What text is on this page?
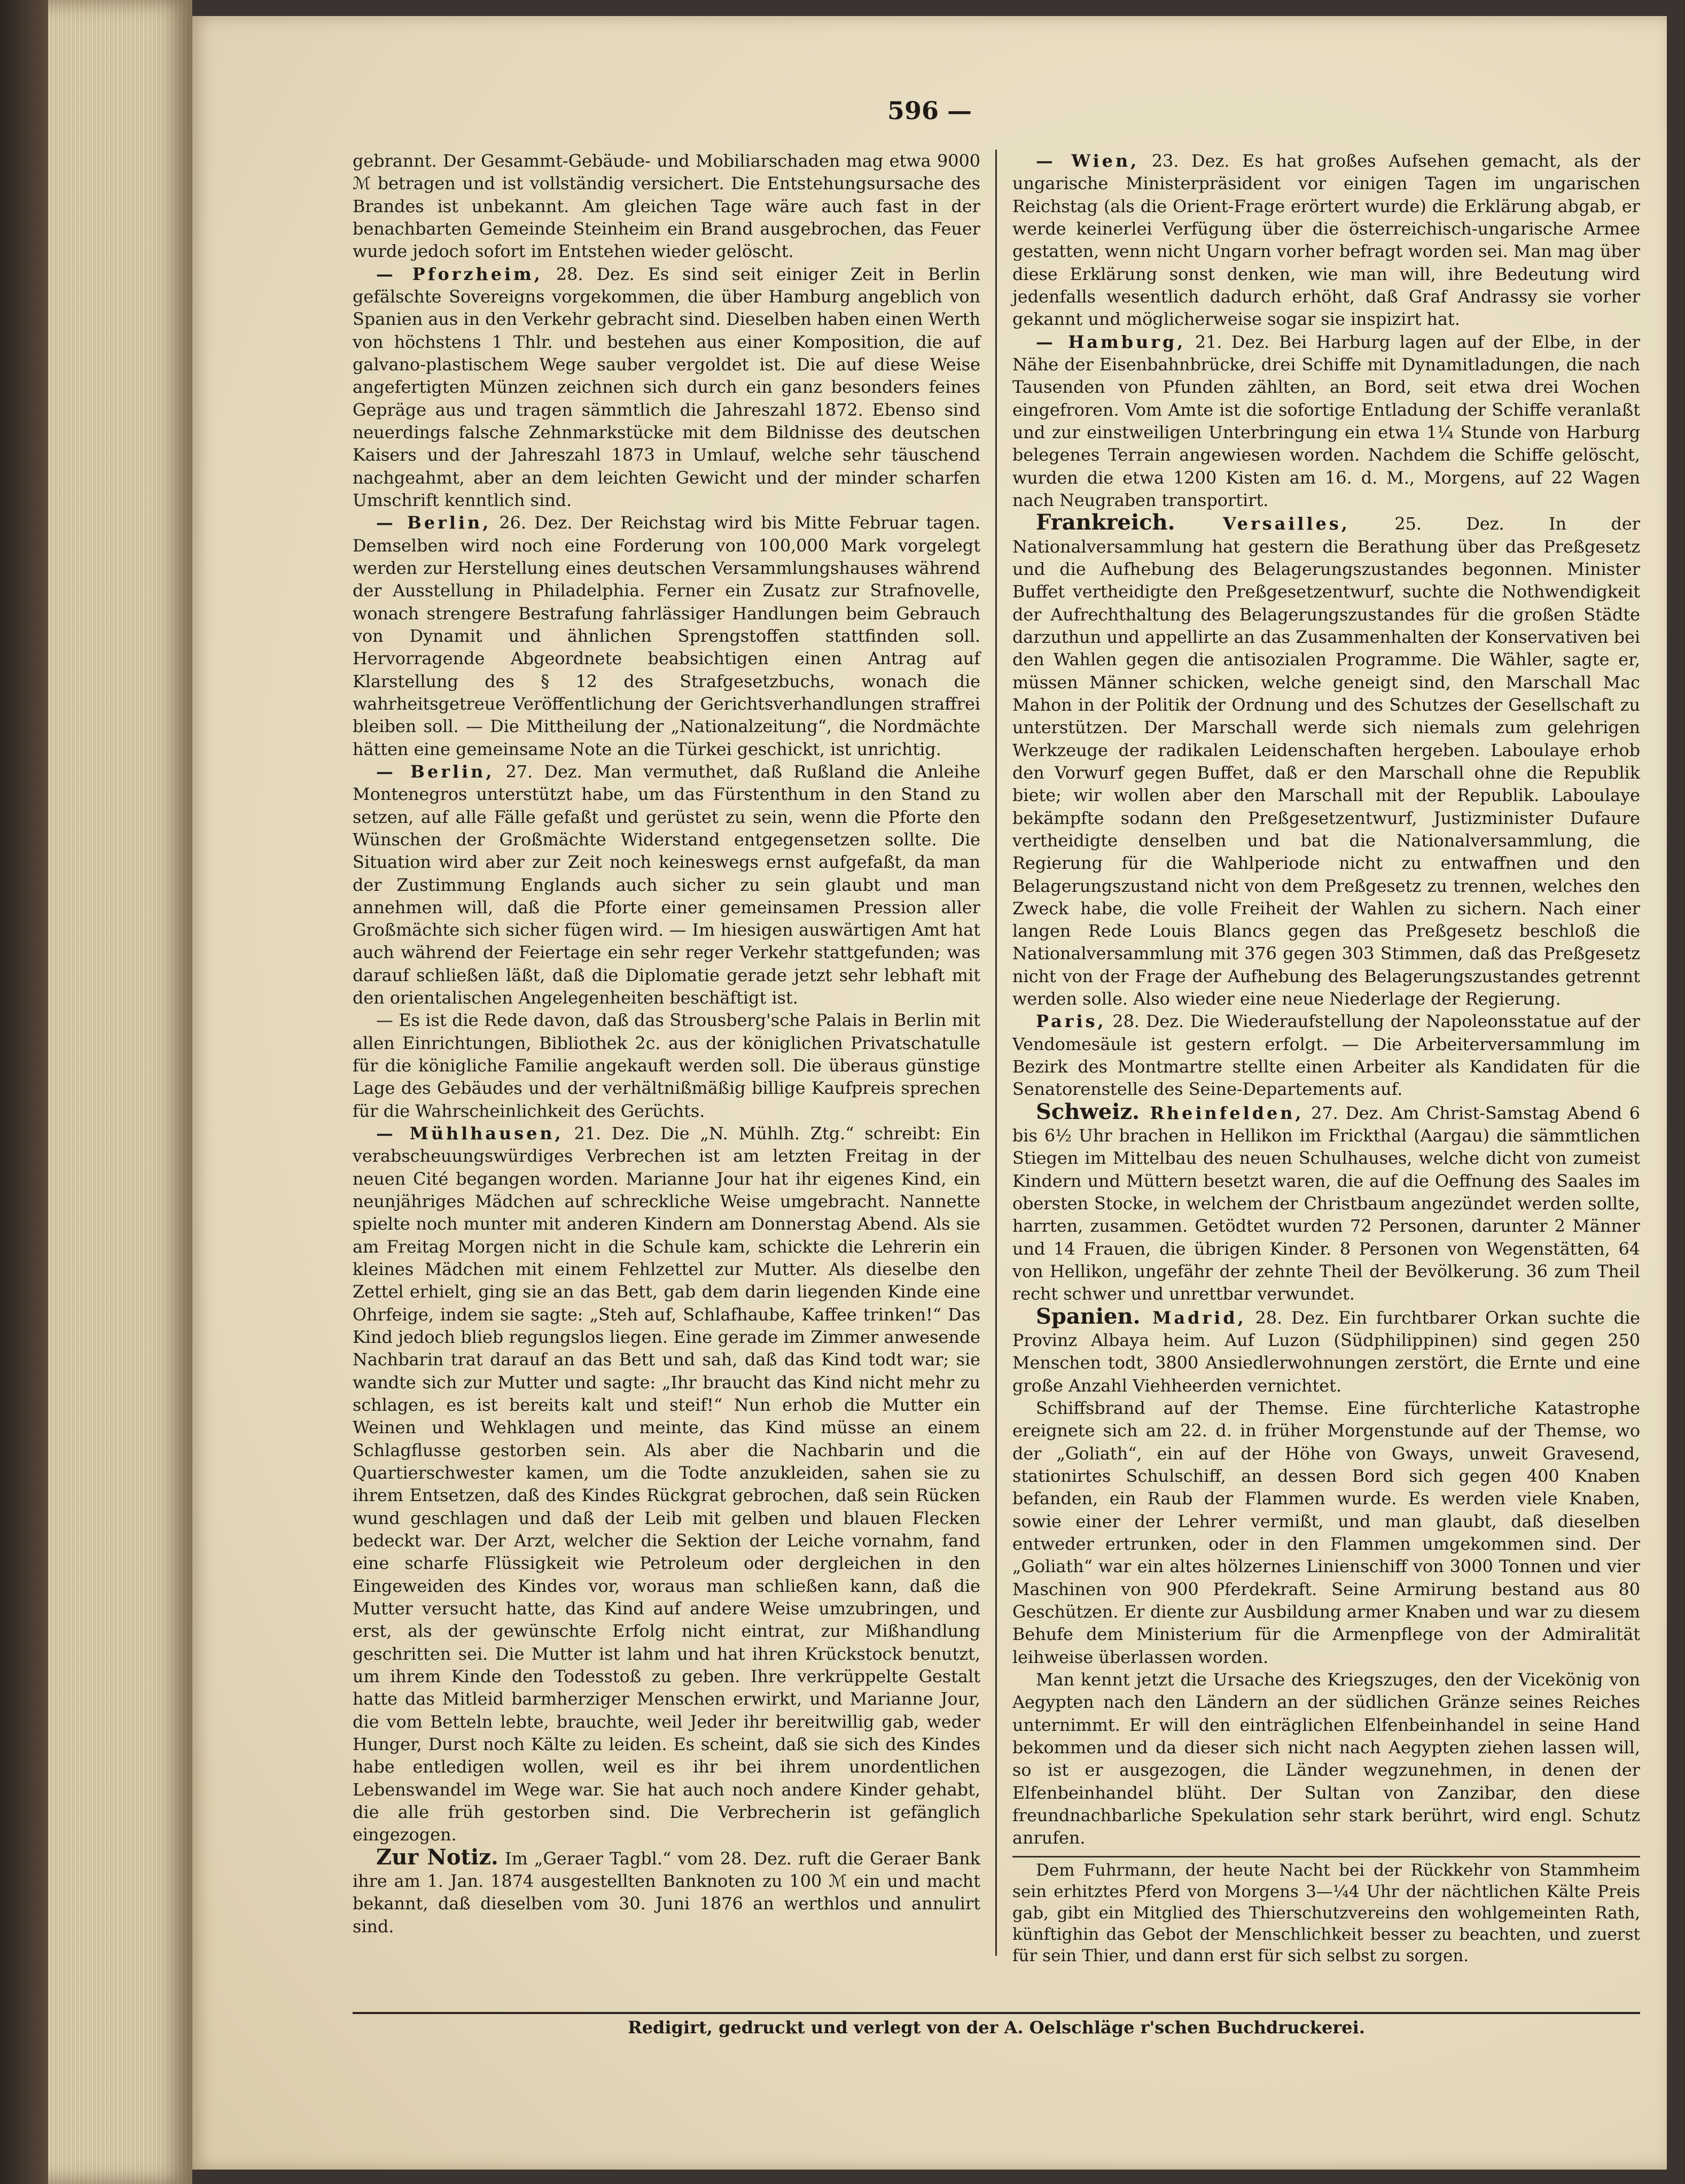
596 —

gebrannt. Der Gesammt-Gebäude- und Mobiliarschaden mag etwa 9000 ℳ betragen und ist vollständig versichert. Die Entstehungsursache des Brandes ist unbekannt. Am gleichen Tage wäre auch fast in der benachbarten Gemeinde Steinheim ein Brand ausgebrochen, das Feuer wurde jedoch sofort im Entstehen wieder gelöscht.

— Pforzheim, 28. Dez. Es sind seit einiger Zeit in Berlin gefälschte Sovereigns vorgekommen, die über Hamburg angeblich von Spanien aus in den Verkehr gebracht sind. Dieselben haben einen Werth von höchstens 1 Thlr. und bestehen aus einer Komposition, die auf galvano-plastischem Wege sauber vergoldet ist. Die auf diese Weise angefertigten Münzen zeichnen sich durch ein ganz besonders feines Gepräge aus und tragen sämmtlich die Jahreszahl 1872. Ebenso sind neuerdings falsche Zehnmarkstücke mit dem Bildnisse des deutschen Kaisers und der Jahreszahl 1873 in Umlauf, welche sehr täuschend nachgeahmt, aber an dem leichten Gewicht und der minder scharfen Umschrift kenntlich sind.

— Berlin, 26. Dez. Der Reichstag wird bis Mitte Februar tagen. Demselben wird noch eine Forderung von 100,000 Mark vorgelegt werden zur Herstellung eines deutschen Versammlungshauses während der Ausstellung in Philadelphia. Ferner ein Zusatz zur Strafnovelle, wonach strengere Bestrafung fahrlässiger Handlungen beim Gebrauch von Dynamit und ähnlichen Sprengstoffen stattfinden soll. Hervorragende Abgeordnete beabsichtigen einen Antrag auf Klarstellung des § 12 des Strafgesetzbuchs, wonach die wahrheitsgetreue Veröffentlichung der Gerichtsverhandlungen straffrei bleiben soll. — Die Mittheilung der „Nationalzeitung“, die Nordmächte hätten eine gemeinsame Note an die Türkei geschickt, ist unrichtig.

— Berlin, 27. Dez. Man vermuthet, daß Rußland die Anleihe Montenegros unterstützt habe, um das Fürstenthum in den Stand zu setzen, auf alle Fälle gefaßt und gerüstet zu sein, wenn die Pforte den Wünschen der Großmächte Widerstand entgegensetzen sollte. Die Situation wird aber zur Zeit noch keineswegs ernst aufgefaßt, da man der Zustimmung Englands auch sicher zu sein glaubt und man annehmen will, daß die Pforte einer gemeinsamen Pression aller Großmächte sich sicher fügen wird. — Im hiesigen auswärtigen Amt hat auch während der Feiertage ein sehr reger Verkehr stattgefunden; was darauf schließen läßt, daß die Diplomatie gerade jetzt sehr lebhaft mit den orientalischen Angelegenheiten beschäftigt ist.

— Es ist die Rede davon, daß das Strousberg'sche Palais in Berlin mit allen Einrichtungen, Bibliothek 2c. aus der königlichen Privatschatulle für die königliche Familie angekauft werden soll. Die überaus günstige Lage des Gebäudes und der verhältnißmäßig billige Kaufpreis sprechen für die Wahrscheinlichkeit des Gerüchts.

— Mühlhausen, 21. Dez. Die „N. Mühlh. Ztg.“ schreibt: Ein verabscheuungswürdiges Verbrechen ist am letzten Freitag in der neuen Cité begangen worden. Marianne Jour hat ihr eigenes Kind, ein neunjähriges Mädchen auf schreckliche Weise umgebracht. Nannette spielte noch munter mit anderen Kindern am Donnerstag Abend. Als sie am Freitag Morgen nicht in die Schule kam, schickte die Lehrerin ein kleines Mädchen mit einem Fehlzettel zur Mutter. Als dieselbe den Zettel erhielt, ging sie an das Bett, gab dem darin liegenden Kinde eine Ohrfeige, indem sie sagte: „Steh auf, Schlafhaube, Kaffee trinken!“ Das Kind jedoch blieb regungslos liegen. Eine gerade im Zimmer anwesende Nachbarin trat darauf an das Bett und sah, daß das Kind todt war; sie wandte sich zur Mutter und sagte: „Ihr braucht das Kind nicht mehr zu schlagen, es ist bereits kalt und steif!“ Nun erhob die Mutter ein Weinen und Wehklagen und meinte, das Kind müsse an einem Schlagflusse gestorben sein. Als aber die Nachbarin und die Quartierschwester kamen, um die Todte anzukleiden, sahen sie zu ihrem Entsetzen, daß des Kindes Rückgrat gebrochen, daß sein Rücken wund geschlagen und daß der Leib mit gelben und blauen Flecken bedeckt war. Der Arzt, welcher die Sektion der Leiche vornahm, fand eine scharfe Flüssigkeit wie Petroleum oder dergleichen in den Eingeweiden des Kindes vor, woraus man schließen kann, daß die Mutter versucht hatte, das Kind auf andere Weise umzubringen, und erst, als der gewünschte Erfolg nicht eintrat, zur Mißhandlung geschritten sei. Die Mutter ist lahm und hat ihren Krückstock benutzt, um ihrem Kinde den Todesstoß zu geben. Ihre verkrüppelte Gestalt hatte das Mitleid barmherziger Menschen erwirkt, und Marianne Jour, die vom Betteln lebte, brauchte, weil Jeder ihr bereitwillig gab, weder Hunger, Durst noch Kälte zu leiden. Es scheint, daß sie sich des Kindes habe entledigen wollen, weil es ihr bei ihrem unordentlichen Lebenswandel im Wege war. Sie hat auch noch andere Kinder gehabt, die alle früh gestorben sind. Die Verbrecherin ist gefänglich eingezogen.

Zur Notiz. Im „Geraer Tagbl.“ vom 28. Dez. ruft die Geraer Bank ihre am 1. Jan. 1874 ausgestellten Banknoten zu 100 ℳ ein und macht bekannt, daß dieselben vom 30. Juni 1876 an werthlos und annulirt sind.

— Wien, 23. Dez. Es hat großes Aufsehen gemacht, als der ungarische Ministerpräsident vor einigen Tagen im ungarischen Reichstag (als die Orient-Frage erörtert wurde) die Erklärung abgab, er werde keinerlei Verfügung über die österreichisch-ungarische Armee gestatten, wenn nicht Ungarn vorher befragt worden sei. Man mag über diese Erklärung sonst denken, wie man will, ihre Bedeutung wird jedenfalls wesentlich dadurch erhöht, daß Graf Andrassy sie vorher gekannt und möglicherweise sogar sie inspizirt hat.

— Hamburg, 21. Dez. Bei Harburg lagen auf der Elbe, in der Nähe der Eisenbahnbrücke, drei Schiffe mit Dynamitladungen, die nach Tausenden von Pfunden zählten, an Bord, seit etwa drei Wochen eingefroren. Vom Amte ist die sofortige Entladung der Schiffe veranlaßt und zur einstweiligen Unterbringung ein etwa 1¼ Stunde von Harburg belegenes Terrain angewiesen worden. Nachdem die Schiffe gelöscht, wurden die etwa 1200 Kisten am 16. d. M., Morgens, auf 22 Wagen nach Neugraben transportirt.

Frankreich. Versailles, 25. Dez. In der Nationalversammlung hat gestern die Berathung über das Preßgesetz und die Aufhebung des Belagerungszustandes begonnen. Minister Buffet vertheidigte den Preßgesetzentwurf, suchte die Nothwendigkeit der Aufrechthaltung des Belagerungszustandes für die großen Städte darzuthun und appellirte an das Zusammenhalten der Konservativen bei den Wahlen gegen die antisozialen Programme. Die Wähler, sagte er, müssen Männer schicken, welche geneigt sind, den Marschall Mac Mahon in der Politik der Ordnung und des Schutzes der Gesellschaft zu unterstützen. Der Marschall werde sich niemals zum gelehrigen Werkzeuge der radikalen Leidenschaften hergeben. Laboulaye erhob den Vorwurf gegen Buffet, daß er den Marschall ohne die Republik biete; wir wollen aber den Marschall mit der Republik. Laboulaye bekämpfte sodann den Preßgesetzentwurf, Justizminister Dufaure vertheidigte denselben und bat die Nationalversammlung, die Regierung für die Wahlperiode nicht zu entwaffnen und den Belagerungszustand nicht von dem Preßgesetz zu trennen, welches den Zweck habe, die volle Freiheit der Wahlen zu sichern. Nach einer langen Rede Louis Blancs gegen das Preßgesetz beschloß die Nationalversammlung mit 376 gegen 303 Stimmen, daß das Preßgesetz nicht von der Frage der Aufhebung des Belagerungszustandes getrennt werden solle. Also wieder eine neue Niederlage der Regierung.

Paris, 28. Dez. Die Wiederaufstellung der Napoleonsstatue auf der Vendomesäule ist gestern erfolgt. — Die Arbeiterversammlung im Bezirk des Montmartre stellte einen Arbeiter als Kandidaten für die Senatorenstelle des Seine-Departements auf.

Schweiz. Rheinfelden, 27. Dez. Am Christ-Samstag Abend 6 bis 6½ Uhr brachen in Hellikon im Frickthal (Aargau) die sämmtlichen Stiegen im Mittelbau des neuen Schulhauses, welche dicht von zumeist Kindern und Müttern besetzt waren, die auf die Oeffnung des Saales im obersten Stocke, in welchem der Christbaum angezündet werden sollte, harrten, zusammen. Getödtet wurden 72 Personen, darunter 2 Männer und 14 Frauen, die übrigen Kinder. 8 Personen von Wegenstätten, 64 von Hellikon, ungefähr der zehnte Theil der Bevölkerung. 36 zum Theil recht schwer und unrettbar verwundet.

Spanien. Madrid, 28. Dez. Ein furchtbarer Orkan suchte die Provinz Albaya heim. Auf Luzon (Südphilippinen) sind gegen 250 Menschen todt, 3800 Ansiedlerwohnungen zerstört, die Ernte und eine große Anzahl Viehheerden vernichtet.

Schiffsbrand auf der Themse. Eine fürchterliche Katastrophe ereignete sich am 22. d. in früher Morgenstunde auf der Themse, wo der „Goliath“, ein auf der Höhe von Gways, unweit Gravesend, stationirtes Schulschiff, an dessen Bord sich gegen 400 Knaben befanden, ein Raub der Flammen wurde. Es werden viele Knaben, sowie einer der Lehrer vermißt, und man glaubt, daß dieselben entweder ertrunken, oder in den Flammen umgekommen sind. Der „Goliath“ war ein altes hölzernes Linienschiff von 3000 Tonnen und vier Maschinen von 900 Pferdekraft. Seine Armirung bestand aus 80 Geschützen. Er diente zur Ausbildung armer Knaben und war zu diesem Behufe dem Ministerium für die Armenpflege von der Admiralität leihweise überlassen worden.

Man kennt jetzt die Ursache des Kriegszuges, den der Vicekönig von Aegypten nach den Ländern an der südlichen Gränze seines Reiches unternimmt. Er will den einträglichen Elfenbeinhandel in seine Hand bekommen und da dieser sich nicht nach Aegypten ziehen lassen will, so ist er ausgezogen, die Länder wegzunehmen, in denen der Elfenbeinhandel blüht. Der Sultan von Zanzibar, den diese freundnachbarliche Spekulation sehr stark berührt, wird engl. Schutz anrufen.

Dem Fuhrmann, der heute Nacht bei der Rückkehr von Stammheim sein erhitztes Pferd von Morgens 3—¼4 Uhr der nächtlichen Kälte Preis gab, gibt ein Mitglied des Thierschutzvereins den wohlgemeinten Rath, künftighin das Gebot der Menschlichkeit besser zu beachten, und zuerst für sein Thier, und dann erst für sich selbst zu sorgen.

Redigirt, gedruckt und verlegt von der A. Oelschläge r'schen Buchdruckerei.
